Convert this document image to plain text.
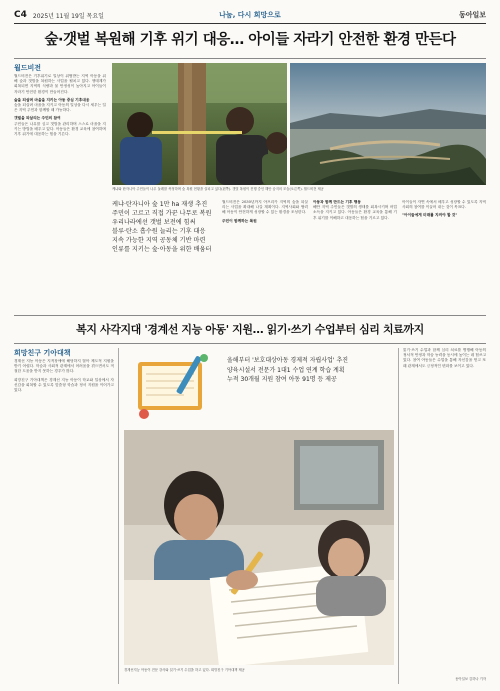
C4 2025년 11월 19일 목요일	나눔, 다시 희망으로	동아일보
숲·갯벌 복원해 기후 위기 대응… 아이들 자라기 안전한 환경 만든다
월드비전

월드비전은 기후위기로 일상이 위협받는 지역 아동을 위해 숲과 갯벌을 복원하는 사업을 펼치고 있다. 생태계가 회복되면 지역의 식량과 물 안정성이 높아지고 아이들이 자라기 안전한 환경이 만들어진다.

숲을 되살려 마을을 지키는 아동 중심 기후대응

숲을 되살려 마을을 지키고 아동의 일상을 다시 세우는 일은 지역 주민과 함께할 때 가능하다.

갯벌을 되살리는 주민의 참여

주민들은 나무를 심고 갯벌을 관리하며 스스로 마을을 지키는 방법을 배우고 있다. 아동들은 환경 교육에 참여하며 기후 위기에 대응하는 힘을 기른다.

케냐와 탄자니아 주민들이 나무 둘레를 측정하며 숲 복원 현황을 살피고 있다(왼쪽). 갯벌 복원이 진행 중인 해안 습지의 모습(오른쪽). 월드비전 제공
케냐·탄자니아 숲 1만 ha 재생 추진
주민이 고르고 직접 가꾼 나무로 복원
우리나라에선 갯벌 보전에 힘써
블루·탄소 흡수원 늘리는 기후 대응
지속 가능한 지역 공동체 기반 마련
인류를 지키는 숲·아동을 위한 배움터

월드비전은 2030년까지 아프리카 지역의 숲을 되살리는 사업을 확대해 나갈 계획이다. 지역사회와 협력해 아동이 안전하게 성장할 수 있는 환경을 조성한다.

주민이 함께하는 복원

아동과 함께 만드는 기후 행동

해안 지역 주민들은 갯벌의 생태를 회복시키며 어업 소득을 지키고 있다. 아동들은 환경 교육을 통해 기후 위기를 이해하고 대응하는 힘을 기르고 있다.

아이들이 자연 속에서 배우고 성장할 수 있도록 지역사회의 참여를 이끌어 내는 것이 목표다.

"아이들에게 미래를 지켜야 할 것"

복지 사각지대 '경계선 지능 아동' 지원… 읽기·쓰기 수업부터 심리 치료까지
희망친구 기아대책

경계선 지능 아동은 지적장애에 해당하지 않아 제도적 지원을 받기 어렵다. 학습과 사회적 관계에서 어려움을 겪으면서도 적절한 도움을 받지 못하는 경우가 많다.

희망친구 기아대책은 경계선 지능 아동이 학교와 일상에서 자신감을 회복할 수 있도록 맞춤형 학습과 정서 지원을 이어가고 있다.

올해부터 '보호대상아동 경제적 자립사업' 추진
양육시설서 전문가 1대1 수업 연계 학습 계획
누적 30개월 지원 참여 아동 91명 등 제공
경계선지능 아동이 전문 강사와 읽기·쓰기 수업을 하고 있다. 희망친구 기아대책 제공

읽기·쓰기 수업과 함께 심리 치료를 병행해 아동의 정서적 안정과 학습 능력을 동시에 높이는 데 힘쓰고 있다. 참여 아동들은 수업을 통해 자신감을 얻고 또래 관계에서도 긍정적인 변화를 보이고 있다.

동아일보 김하나 기자
